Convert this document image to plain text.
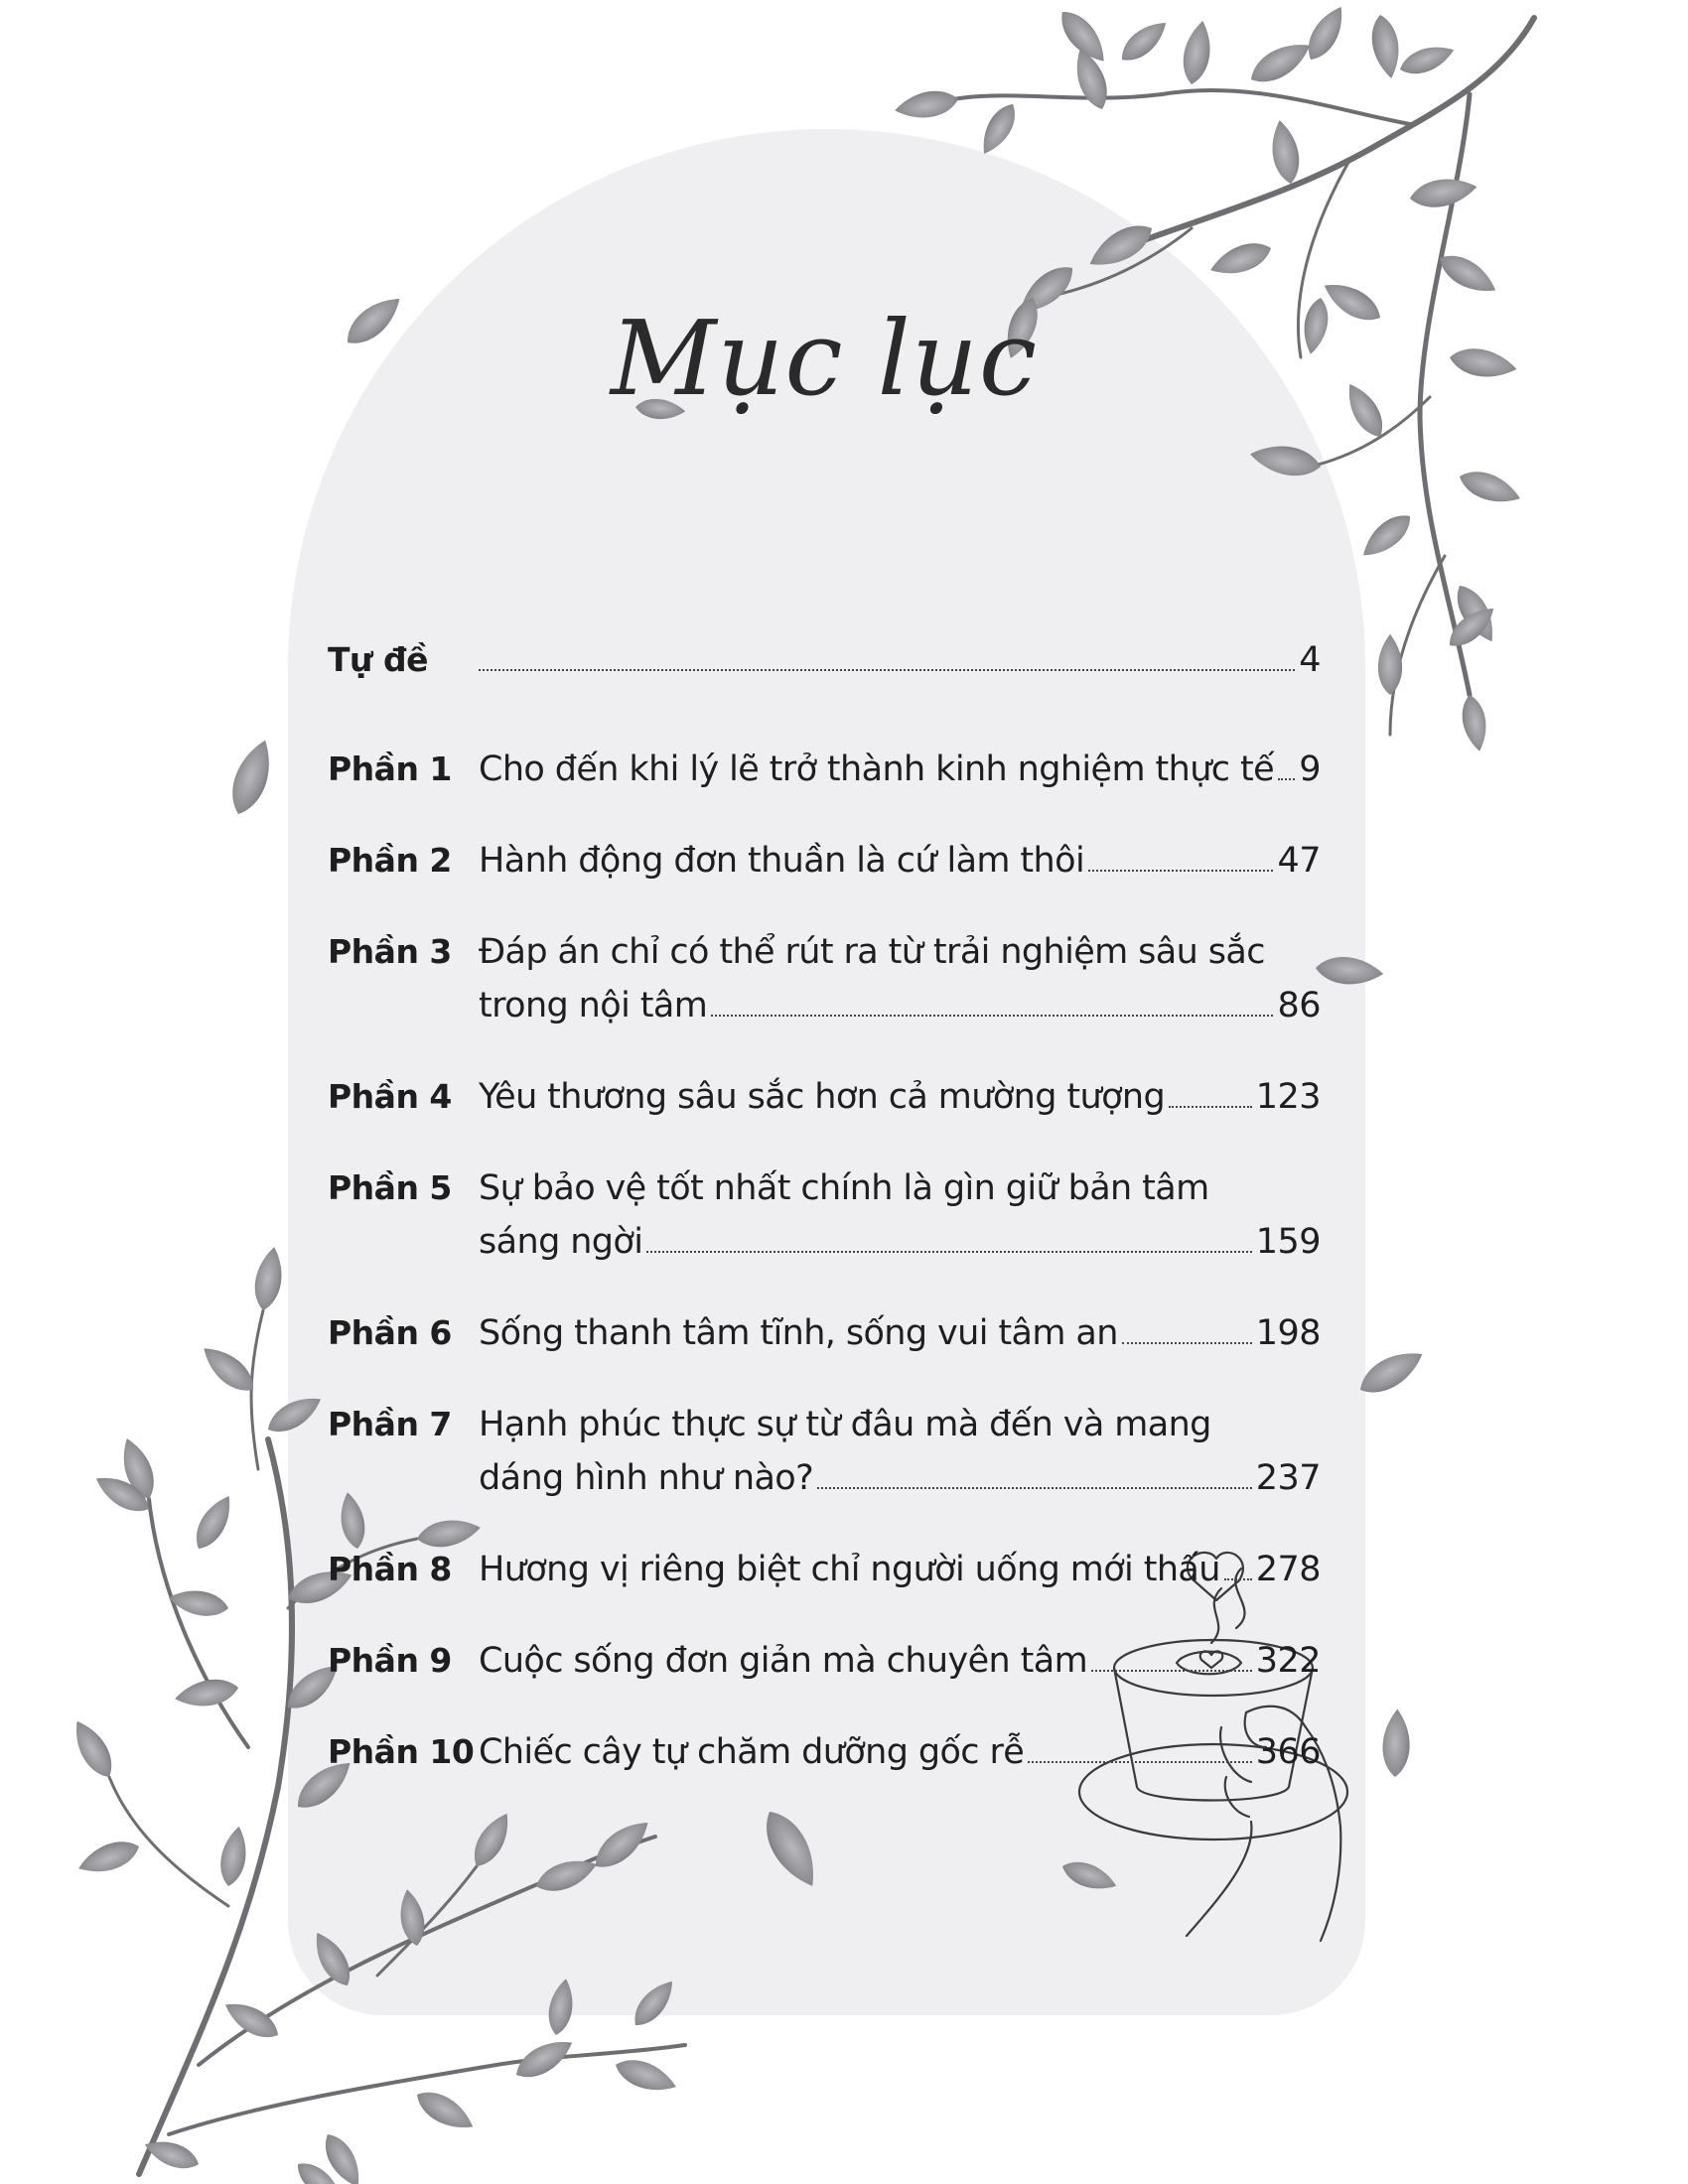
Mục lục
Tự đề	4
Phần 1 Cho đến khi lý lẽ trở thành kinh nghiệm thực tế 9
Phần 2 Hành động đơn thuần là cứ làm thôi	47
Phần 3 Đáp án chỉ có thể rút ra từ trải nghiệm sâu sắc
trong nội tâm	86
Phần 4 Yêu thương sâu sắc hơn cả mường tượng	123
Phần 5 Sự bảo vệ tốt nhất chính là gìn giữ bản tâm
sáng ngời	159
Phần 6 Sống thanh tâm tĩnh, sống vui tâm an	198
Phần 7 Hạnh phúc thực sự từ đâu mà đến và mang
dáng hình như nào?	237
Phần 8 Hương vị riêng biệt chỉ người uống mới thấu 278
Phần 9 Cuộc sống đơn giản mà chuyên tâm	322
Phần 10 Chiếc cây tự chăm dưỡng gốc rễ	366
